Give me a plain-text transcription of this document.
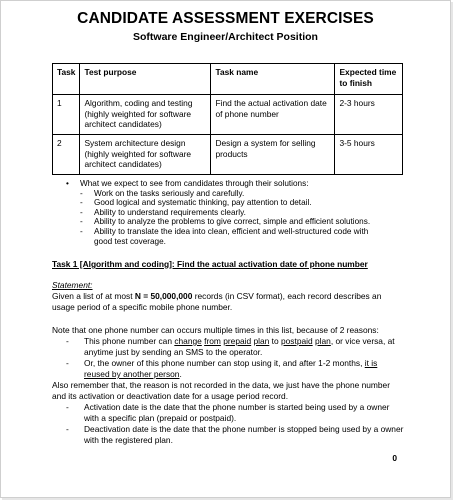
CANDIDATE ASSESSMENT EXERCISES
Software Engineer/Architect Position
Task	Test purpose	Task name	Expected time to finish
1	Algorithm, coding and testing (highly weighted for software architect candidates)	Find the actual activation date of phone number	2-3 hours
2	System architecture design (highly weighted for software architect candidates)	Design a system for selling products	3-5 hours
• What we expect to see from candidates through their solutions:
- Work on the tasks seriously and carefully.
- Good logical and systematic thinking, pay attention to detail.
- Ability to understand requirements clearly.
- Ability to analyze the problems to give correct, simple and efficient solutions.
- Ability to translate the idea into clean, efficient and well-structured code with good test coverage.
Task 1 [Algorithm and coding]: Find the actual activation date of phone number
Statement:
Given a list of at most N = 50,000,000 records (in CSV format), each record describes an usage period of a specific mobile phone number.
Note that one phone number can occurs multiple times in this list, because of 2 reasons:
- This phone number can change from prepaid plan to postpaid plan, or vice versa, at anytime just by sending an SMS to the operator.
- Or, the owner of this phone number can stop using it, and after 1-2 months, it is reused by another person.
Also remember that, the reason is not recorded in the data, we just have the phone number and its activation or deactivation date for a usage period record.
- Activation date is the date that the phone number is started being used by a owner with a specific plan (prepaid or postpaid).
- Deactivation date is the date that the phone number is stopped being used by a owner with the registered plan.
0
